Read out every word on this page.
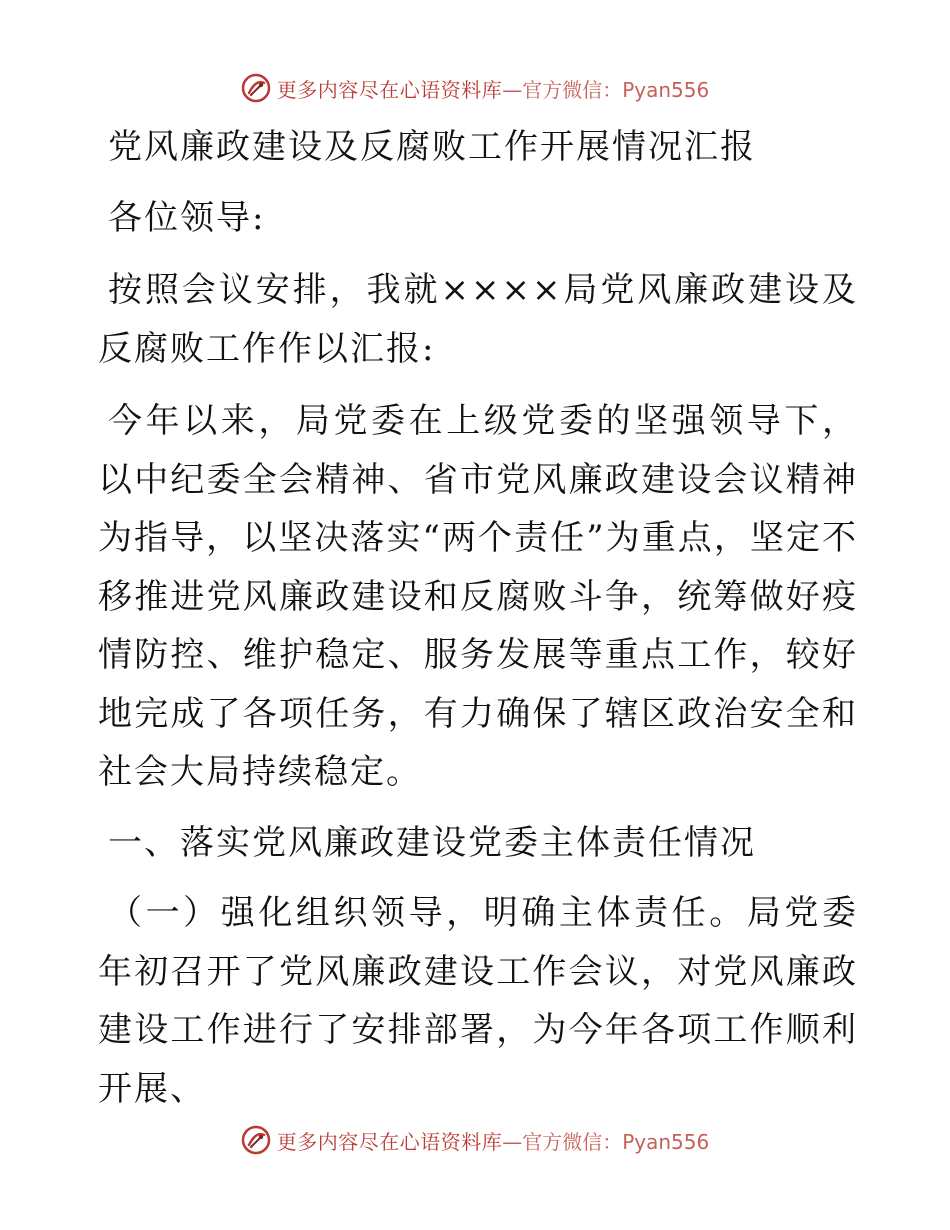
更多内容尽在心语资料库 —官方微信：Pyan556

党风廉政建设及反腐败工作开展情况汇报

各位领导:

按照会议安排，我就××××局党风廉政建设及反腐败工作作以汇报:

今年以来，局党委在上级党委的坚强领导下，以中纪委全会精神、省市党风廉政建设会议精神为指导，以坚决落实“两个责任”为重点，坚定不移推进党风廉政建设和反腐败斗争，统筹做好疫情防控、维护稳定、服务发展等重点工作，较好地完成了各项任务，有力确保了辖区政治安全和社会大局持续稳定。

一、落实党风廉政建设党委主体责任情况

（一）强化组织领导，明确主体责任。局党委年初召开了党风廉政建设工作会议，对党风廉政建设工作进行了安排部署，为今年各项工作顺利开展、

更多内容尽在心语资料库 —官方微信：Pyan556
